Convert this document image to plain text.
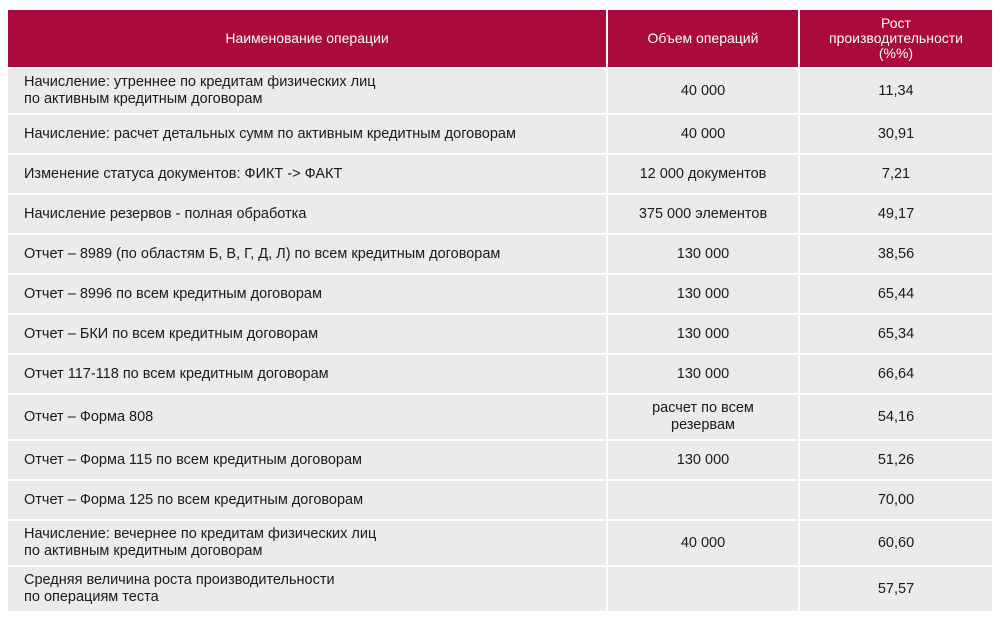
Наименование операции	Объем операций	Рост
производительности
(%%)

Начисление: утреннее по кредитам физических лиц
по активным кредитным договорам	40 000	11,34
Начисление: расчет детальных сумм по активным кредитным договорам	40 000	30,91
Изменение статуса документов: ФИКТ -> ФАКТ	12 000 документов	7,21
Начисление резервов - полная обработка	375 000 элементов	49,17
Отчет – 8989 (по областям Б, В, Г, Д, Л) по всем кредитным договорам	130 000	38,56
Отчет – 8996 по всем кредитным договорам	130 000	65,44
Отчет – БКИ по всем кредитным договорам	130 000	65,34
Отчет 117-118 по всем кредитным договорам	130 000	66,64
Отчет – Форма 808	расчет по всем
резервам	54,16
Отчет – Форма 115 по всем кредитным договорам	130 000	51,26
Отчет – Форма 125 по всем кредитным договорам		70,00
Начисление: вечернее по кредитам физических лиц
по активным кредитным договорам	40 000	60,60
Средняя величина роста производительности
по операциям теста		57,57
